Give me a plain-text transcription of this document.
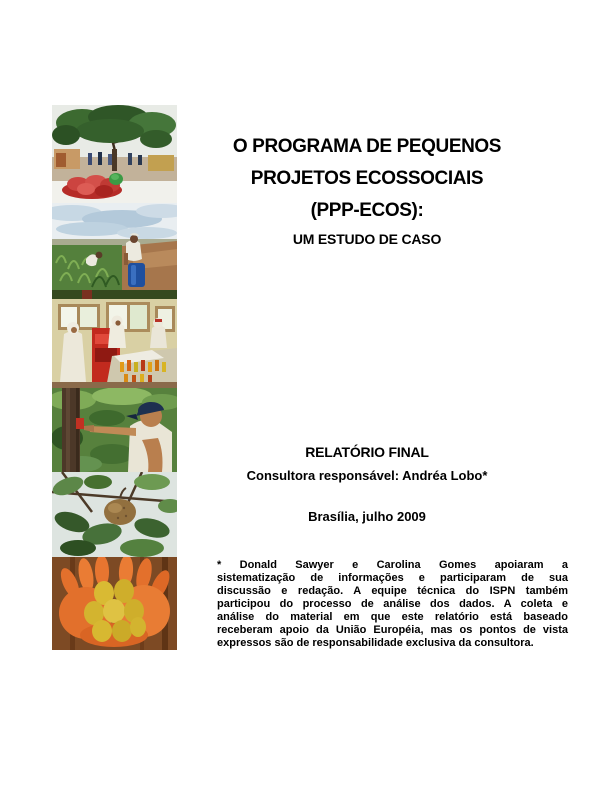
O PROGRAMA DE PEQUENOS
PROJETOS ECOSSOCIAIS
(PPP-ECOS):
UM ESTUDO DE CASO
RELATÓRIO FINAL
Consultora responsável: Andréa Lobo*
Brasília, julho 2009
* Donald Sawyer e Carolina Gomes apoiaram a
sistematização de informações e participaram de sua
discussão e redação. A equipe técnica do ISPN também
participou do processo de análise dos dados. A coleta e
análise do material em que este relatório está baseado
receberam apoio da União Européia, mas os pontos de vista
expressos são de responsabilidade exclusiva da consultora.
